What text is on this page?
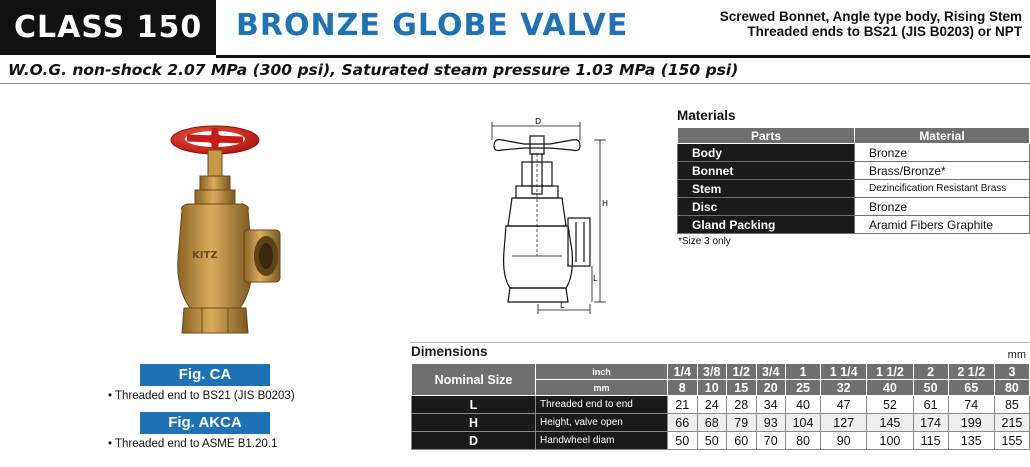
CLASS 150	BRONZE GLOBE VALVE	Screwed Bonnet, Angle type body, Rising Stem
Threaded ends to BS21 (JIS B0203) or NPT
W.O.G. non-shock 2.07 MPa (300 psi), Saturated steam pressure 1.03 MPa (150 psi)
KITZ
Fig. CA
• Threaded end to BS21 (JIS B0203)
Fig. AKCA
• Threaded end to ASME B1.20.1
D
H
L
L
Materials
Parts	Material
Body	Bronze
Bonnet	Brass/Bronze*
Stem	Dezincification Resistant Brass
Disc	Bronze
Gland Packing	Aramid Fibers Graphite
*Size 3 only
Dimensions	mm
Nominal Size	inch	1/4	3/8	1/2	3/4	1	1 1/4	1 1/2	2	2 1/2	3
	mm	8	10	15	20	25	32	40	50	65	80
L	Threaded end to end	21	24	28	34	40	47	52	61	74	85
H	Height, valve open	66	68	79	93	104	127	145	174	199	215
D	Handwheel diam	50	50	60	70	80	90	100	115	135	155
